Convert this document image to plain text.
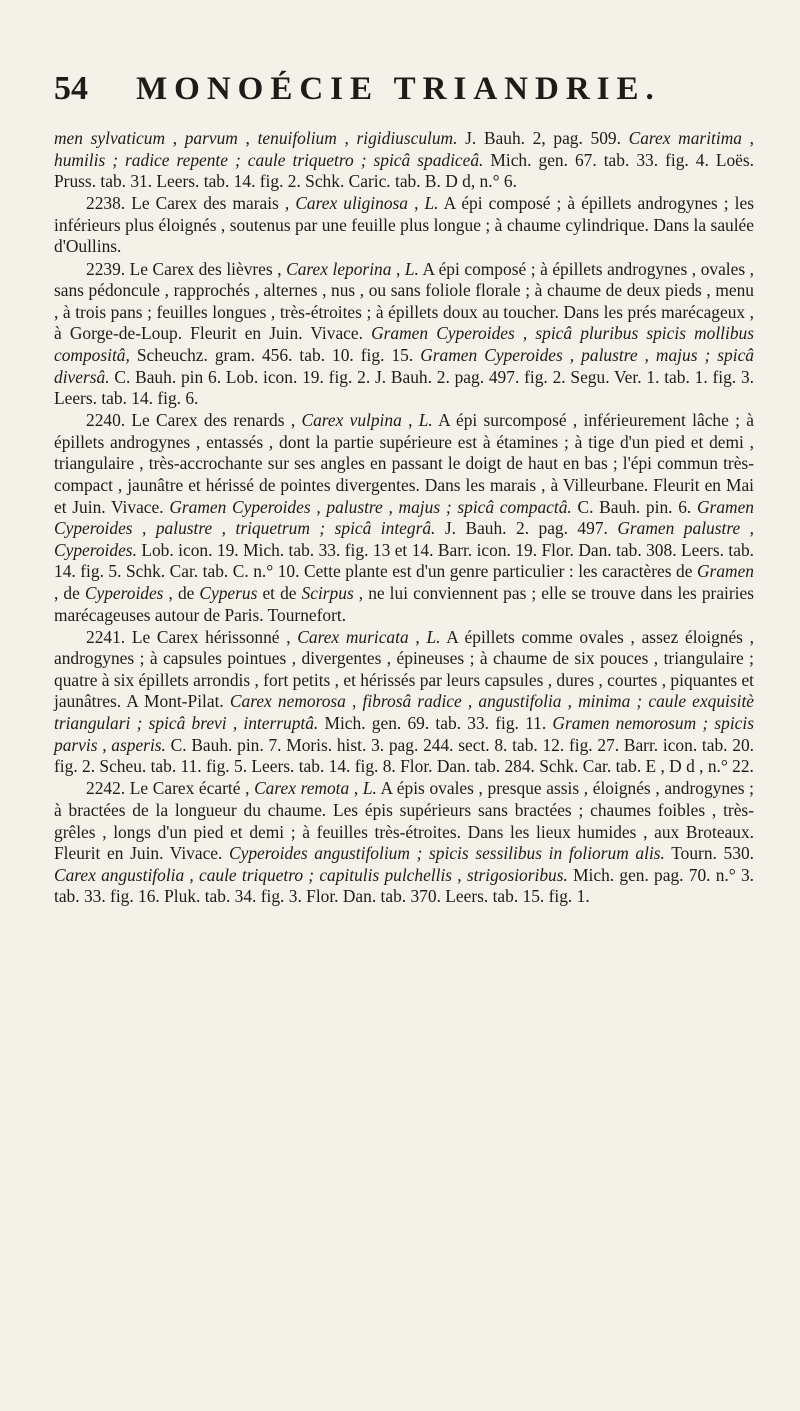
54	MONOÉCIE TRIANDRIE.

men sylvaticum , parvum , tenuifolium , rigidiusculum. J. Bauh. 2, pag. 509. Carex maritima , humilis ; radice repente ; caule triquetro ; spicâ spadiceâ. Mich. gen. 67. tab. 33. fig. 4. Loës. Pruss. tab. 31. Leers. tab. 14. fig. 2. Schk. Caric. tab. B. D d, n.° 6.

2238. Le Carex des marais , Carex uliginosa , L. A épi composé ; à épillets androgynes ; les inférieurs plus éloignés , soutenus par une feuille plus longue ; à chaume cylindrique. Dans la saulée d'Oullins.

2239. Le Carex des lièvres , Carex leporina , L. A épi composé ; à épillets androgynes , ovales , sans pédoncule , rapprochés , alternes , nus , ou sans foliole florale ; à chaume de deux pieds , menu , à trois pans ; feuilles longues , très-étroites ; à épillets doux au toucher. Dans les prés marécageux , à Gorge-de-Loup. Fleurit en Juin. Vivace. Gramen Cyperoides , spicâ pluribus spicis mollibus compositâ, Scheuchz. gram. 456. tab. 10. fig. 15. Gramen Cyperoides , palustre , majus ; spicâ diversâ. C. Bauh. pin 6. Lob. icon. 19. fig. 2. J. Bauh. 2. pag. 497. fig. 2. Segu. Ver. 1. tab. 1. fig. 3. Leers. tab. 14. fig. 6.

2240. Le Carex des renards , Carex vulpina , L. A épi surcomposé , inférieurement lâche ; à épillets androgynes , entassés , dont la partie supérieure est à étamines ; à tige d'un pied et demi , triangulaire , très-accrochante sur ses angles en passant le doigt de haut en bas ; l'épi commun très-compact , jaunâtre et hérissé de pointes divergentes. Dans les marais , à Villeurbane. Fleurit en Mai et Juin. Vivace. Gramen Cyperoides , palustre , majus ; spicâ compactâ. C. Bauh. pin. 6. Gramen Cyperoides , palustre , triquetrum ; spicâ integrâ. J. Bauh. 2. pag. 497. Gramen palustre , Cyperoides. Lob. icon. 19. Mich. tab. 33. fig. 13 et 14. Barr. icon. 19. Flor. Dan. tab. 308. Leers. tab. 14. fig. 5. Schk. Car. tab. C. n.° 10. Cette plante est d'un genre particulier : les caractères de Gramen , de Cyperoides , de Cyperus et de Scirpus , ne lui conviennent pas ; elle se trouve dans les prairies marécageuses autour de Paris. Tournefort.

2241. Le Carex hérissonné , Carex muricata , L. A épillets comme ovales , assez éloignés , androgynes ; à capsules pointues , divergentes , épineuses ; à chaume de six pouces , triangulaire ; quatre à six épillets arrondis , fort petits , et hérissés par leurs capsules , dures , courtes , piquantes et jaunâtres. A Mont-Pilat. Carex nemorosa , fibrosâ radice , angustifolia , minima ; caule exquisitè triangulari ; spicâ brevi , interruptâ. Mich. gen. 69. tab. 33. fig. 11. Gramen nemorosum ; spicis parvis , asperis. C. Bauh. pin. 7. Moris. hist. 3. pag. 244. sect. 8. tab. 12. fig. 27. Barr. icon. tab. 20. fig. 2. Scheu. tab. 11. fig. 5. Leers. tab. 14. fig. 8. Flor. Dan. tab. 284. Schk. Car. tab. E , D d , n.° 22.

2242. Le Carex écarté , Carex remota , L. A épis ovales , presque assis , éloignés , androgynes ; à bractées de la longueur du chaume. Les épis supérieurs sans bractées ; chaumes foibles , très-grêles , longs d'un pied et demi ; à feuilles très-étroites. Dans les lieux humides , aux Broteaux. Fleurit en Juin. Vivace. Cyperoides angustifolium ; spicis sessilibus in foliorum alis. Tourn. 530. Carex angustifolia , caule triquetro ; capitulis pulchellis , strigosioribus. Mich. gen. pag. 70. n.° 3. tab. 33. fig. 16. Pluk. tab. 34. fig. 3. Flor. Dan. tab. 370. Leers. tab. 15. fig. 1.
